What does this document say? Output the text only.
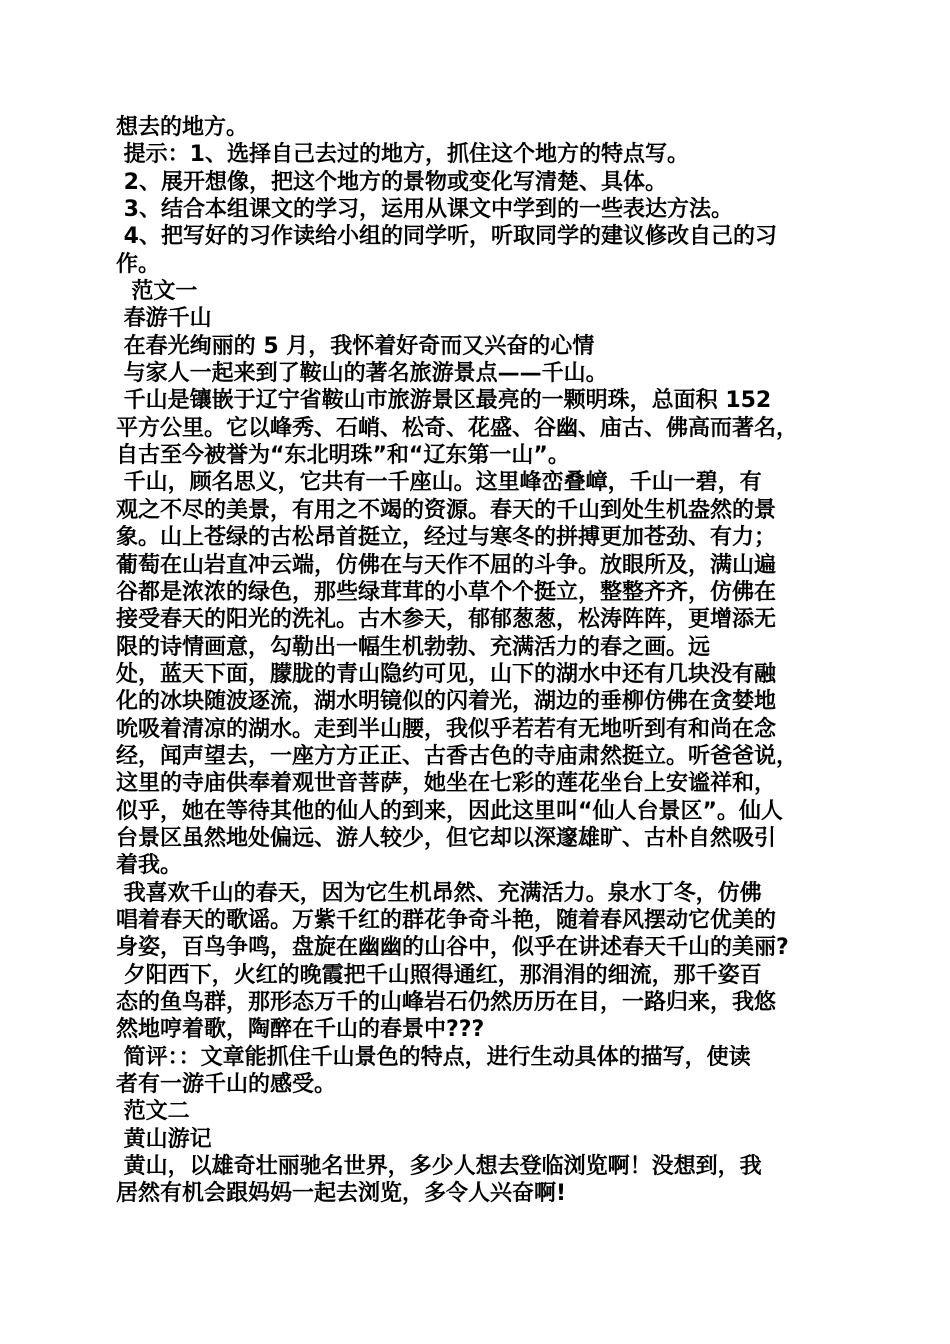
想去的地方。
提示：1、选择自己去过的地方，抓住这个地方的特点写。
2、展开想像，把这个地方的景物或变化写清楚、具体。
3、结合本组课文的学习，运用从课文中学到的一些表达方法。
4、把写好的习作读给小组的同学听，听取同学的建议修改自己的习
作。
范文一
春游千山
在春光绚丽的 5 月，我怀着好奇而又兴奋的心情
与家人一起来到了鞍山的著名旅游景点——千山。
千山是镶嵌于辽宁省鞍山市旅游景区最亮的一颗明珠，总面积 152
平方公里。它以峰秀、石峭、松奇、花盛、谷幽、庙古、佛高而著名，
自古至今被誉为“东北明珠”和“辽东第一山”。
千山，顾名思义，它共有一千座山。这里峰峦叠嶂，千山一碧，有
观之不尽的美景，有用之不竭的资源。春天的千山到处生机盎然的景
象。山上苍绿的古松昂首挺立，经过与寒冬的拼搏更加苍劲、有力；
葡萄在山岩直冲云端，仿佛在与天作不屈的斗争。放眼所及，满山遍
谷都是浓浓的绿色，那些绿茸茸的小草个个挺立，整整齐齐，仿佛在
接受春天的阳光的洗礼。古木参天，郁郁葱葱，松涛阵阵，更增添无
限的诗情画意，勾勒出一幅生机勃勃、充满活力的春之画。远
处，蓝天下面，朦胧的青山隐约可见，山下的湖水中还有几块没有融
化的冰块随波逐流，湖水明镜似的闪着光，湖边的垂柳仿佛在贪婪地
吮吸着清凉的湖水。走到半山腰，我似乎若若有无地听到有和尚在念
经，闻声望去，一座方方正正、古香古色的寺庙肃然挺立。听爸爸说，
这里的寺庙供奉着观世音菩萨，她坐在七彩的莲花坐台上安谧祥和，
似乎，她在等待其他的仙人的到来，因此这里叫“仙人台景区”。仙人
台景区虽然地处偏远、游人较少，但它却以深邃雄旷、古朴自然吸引
着我。
我喜欢千山的春天，因为它生机昂然、充满活力。泉水丁冬，仿佛
唱着春天的歌谣。万紫千红的群花争奇斗艳，随着春风摆动它优美的
身姿，百鸟争鸣，盘旋在幽幽的山谷中，似乎在讲述春天千山的美丽?
夕阳西下，火红的晚霞把千山照得通红，那涓涓的细流，那千姿百
态的鱼鸟群，那形态万千的山峰岩石仍然历历在目，一路归来，我悠
然地哼着歌，陶醉在千山的春景中???
简评：：文章能抓住千山景色的特点，进行生动具体的描写，使读
者有一游千山的感受。
范文二
黄山游记
黄山，以雄奇壮丽驰名世界，多少人想去登临浏览啊！没想到，我
居然有机会跟妈妈一起去浏览，多令人兴奋啊!
